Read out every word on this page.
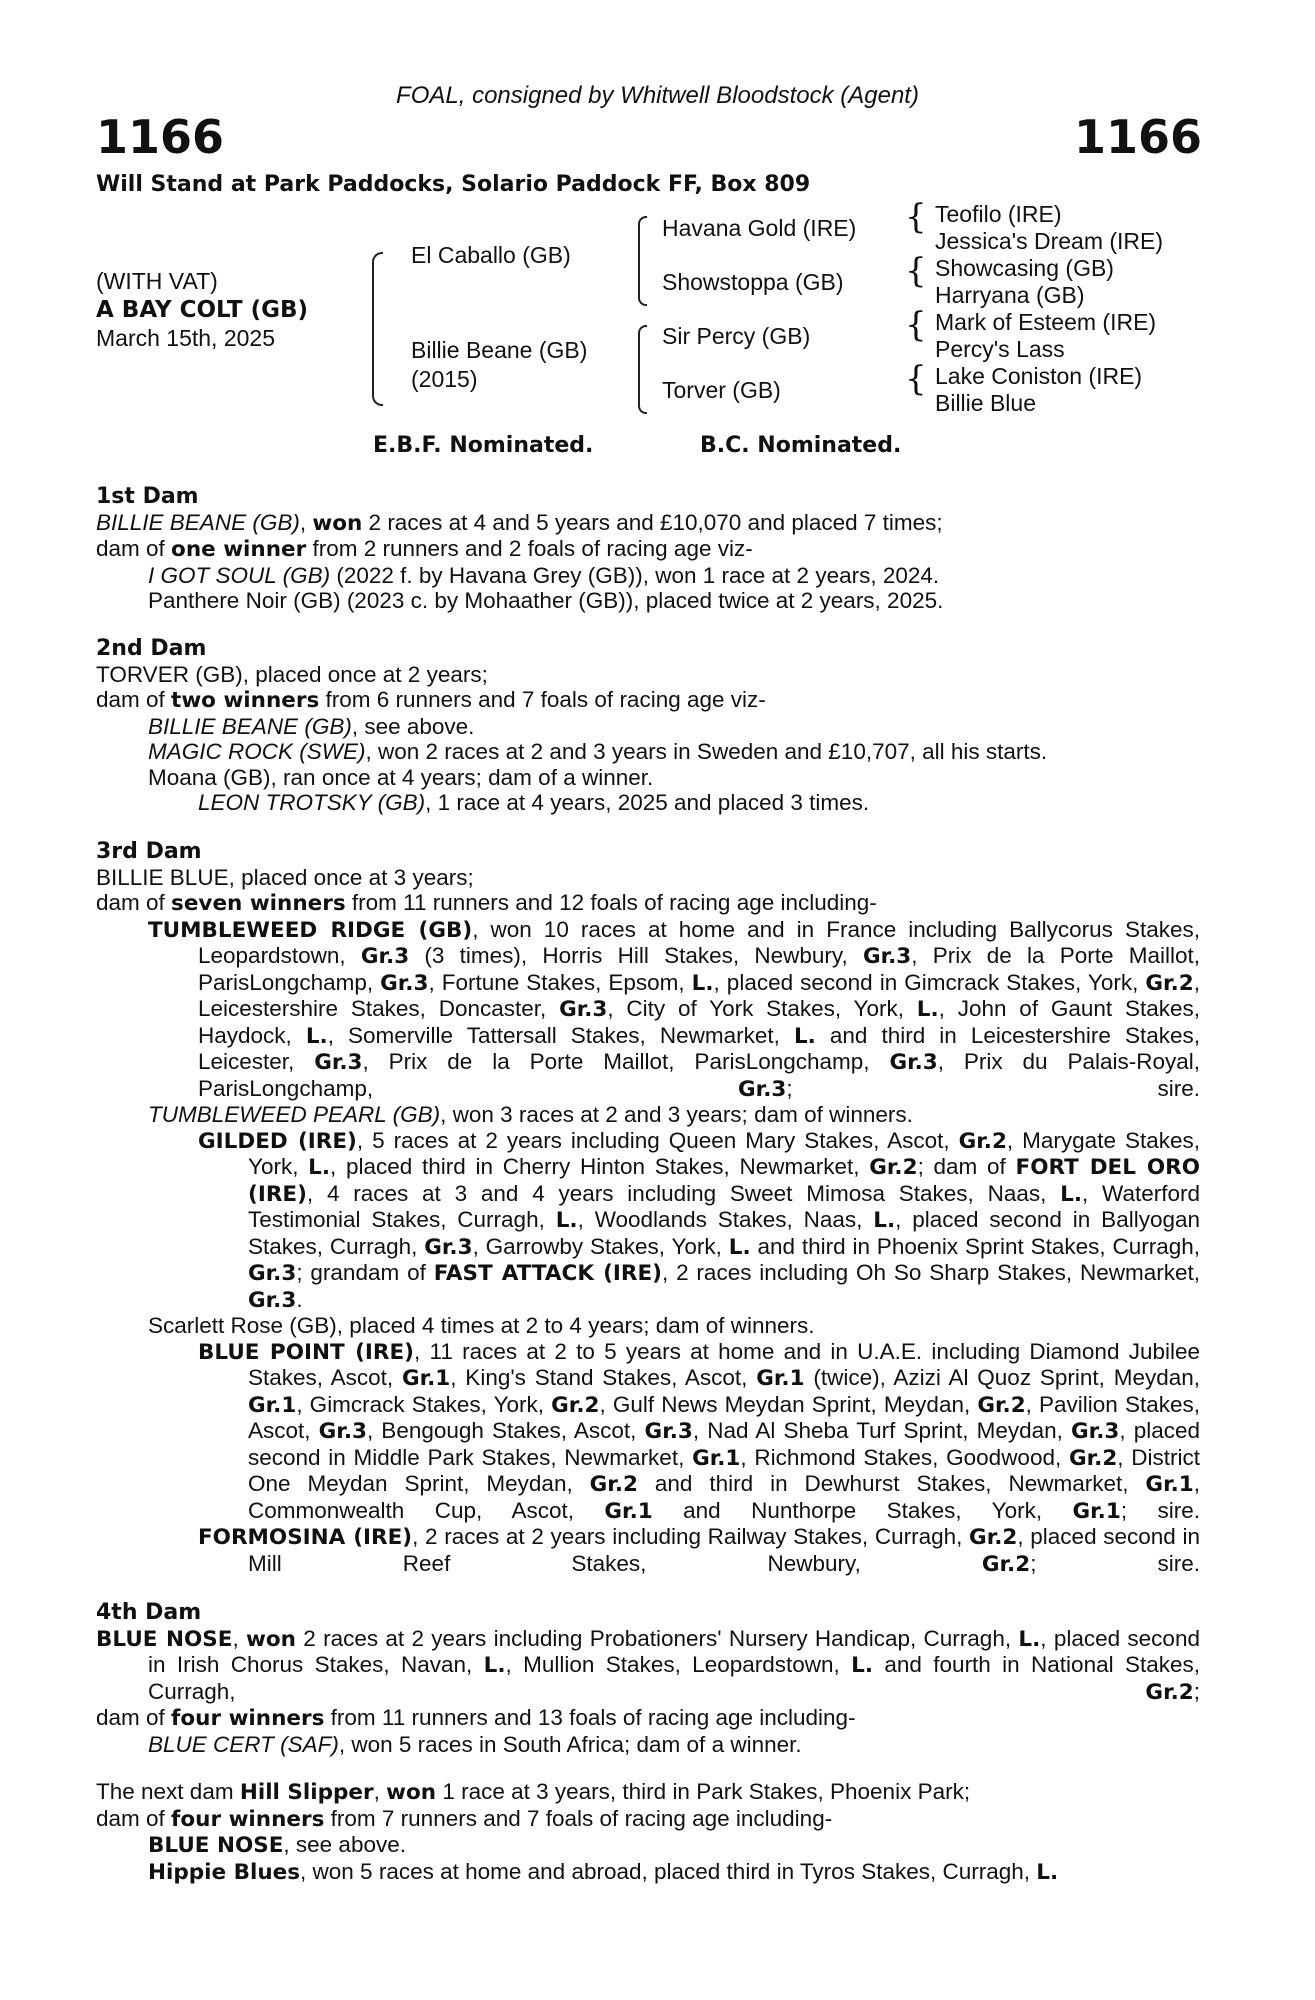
FOAL, consigned by Whitwell Bloodstock (Agent)
1166	1166
Will Stand at Park Paddocks, Solario Paddock FF, Box 809
(WITH VAT)
A BAY COLT (GB)
March 15th, 2025
El Caballo (GB)
Billie Beane (GB)
(2015)
Havana Gold (IRE)
Showstoppa (GB)
Sir Percy (GB)
Torver (GB)
{
{
{
{
Teofilo (IRE)
Jessica's Dream (IRE)
Showcasing (GB)
Harryana (GB)
Mark of Esteem (IRE)
Percy's Lass
Lake Coniston (IRE)
Billie Blue
E.B.F. Nominated.	B.C. Nominated.
1st Dam
BILLIE BEANE (GB), won 2 races at 4 and 5 years and £10,070 and placed 7 times;
dam of one winner from 2 runners and 2 foals of racing age viz-
I GOT SOUL (GB) (2022 f. by Havana Grey (GB)), won 1 race at 2 years, 2024.
Panthere Noir (GB) (2023 c. by Mohaather (GB)), placed twice at 2 years, 2025.
2nd Dam
TORVER (GB), placed once at 2 years;
dam of two winners from 6 runners and 7 foals of racing age viz-
BILLIE BEANE (GB), see above.
MAGIC ROCK (SWE), won 2 races at 2 and 3 years in Sweden and £10,707, all his starts.
Moana (GB), ran once at 4 years; dam of a winner.
LEON TROTSKY (GB), 1 race at 4 years, 2025 and placed 3 times.
3rd Dam
BILLIE BLUE, placed once at 3 years;
dam of seven winners from 11 runners and 12 foals of racing age including-
TUMBLEWEED RIDGE (GB), won 10 races at home and in France including Ballycorus Stakes, Leopardstown, Gr.3 (3 times), Horris Hill Stakes, Newbury, Gr.3, Prix de la Porte Maillot, ParisLongchamp, Gr.3, Fortune Stakes, Epsom, L., placed second in Gimcrack Stakes, York, Gr.2, Leicestershire Stakes, Doncaster, Gr.3, City of York Stakes, York, L., John of Gaunt Stakes, Haydock, L., Somerville Tattersall Stakes, Newmarket, L. and third in Leicestershire Stakes, Leicester, Gr.3, Prix de la Porte Maillot, ParisLongchamp, Gr.3, Prix du Palais-Royal, ParisLongchamp, Gr.3; sire.
TUMBLEWEED PEARL (GB), won 3 races at 2 and 3 years; dam of winners.
GILDED (IRE), 5 races at 2 years including Queen Mary Stakes, Ascot, Gr.2, Marygate Stakes, York, L., placed third in Cherry Hinton Stakes, Newmarket, Gr.2; dam of FORT DEL ORO (IRE), 4 races at 3 and 4 years including Sweet Mimosa Stakes, Naas, L., Waterford Testimonial Stakes, Curragh, L., Woodlands Stakes, Naas, L., placed second in Ballyogan Stakes, Curragh, Gr.3, Garrowby Stakes, York, L. and third in Phoenix Sprint Stakes, Curragh, Gr.3; grandam of FAST ATTACK (IRE), 2 races including Oh So Sharp Stakes, Newmarket, Gr.3.
Scarlett Rose (GB), placed 4 times at 2 to 4 years; dam of winners.
BLUE POINT (IRE), 11 races at 2 to 5 years at home and in U.A.E. including Diamond Jubilee Stakes, Ascot, Gr.1, King's Stand Stakes, Ascot, Gr.1 (twice), Azizi Al Quoz Sprint, Meydan, Gr.1, Gimcrack Stakes, York, Gr.2, Gulf News Meydan Sprint, Meydan, Gr.2, Pavilion Stakes, Ascot, Gr.3, Bengough Stakes, Ascot, Gr.3, Nad Al Sheba Turf Sprint, Meydan, Gr.3, placed second in Middle Park Stakes, Newmarket, Gr.1, Richmond Stakes, Goodwood, Gr.2, District One Meydan Sprint, Meydan, Gr.2 and third in Dewhurst Stakes, Newmarket, Gr.1, Commonwealth Cup, Ascot, Gr.1 and Nunthorpe Stakes, York, Gr.1; sire.
FORMOSINA (IRE), 2 races at 2 years including Railway Stakes, Curragh, Gr.2, placed second in Mill Reef Stakes, Newbury, Gr.2; sire.
4th Dam
BLUE NOSE, won 2 races at 2 years including Probationers' Nursery Handicap, Curragh, L., placed second in Irish Chorus Stakes, Navan, L., Mullion Stakes, Leopardstown, L. and fourth in National Stakes, Curragh, Gr.2;
dam of four winners from 11 runners and 13 foals of racing age including-
BLUE CERT (SAF), won 5 races in South Africa; dam of a winner.
The next dam Hill Slipper, won 1 race at 3 years, third in Park Stakes, Phoenix Park;
dam of four winners from 7 runners and 7 foals of racing age including-
BLUE NOSE, see above.
Hippie Blues, won 5 races at home and abroad, placed third in Tyros Stakes, Curragh, L.
